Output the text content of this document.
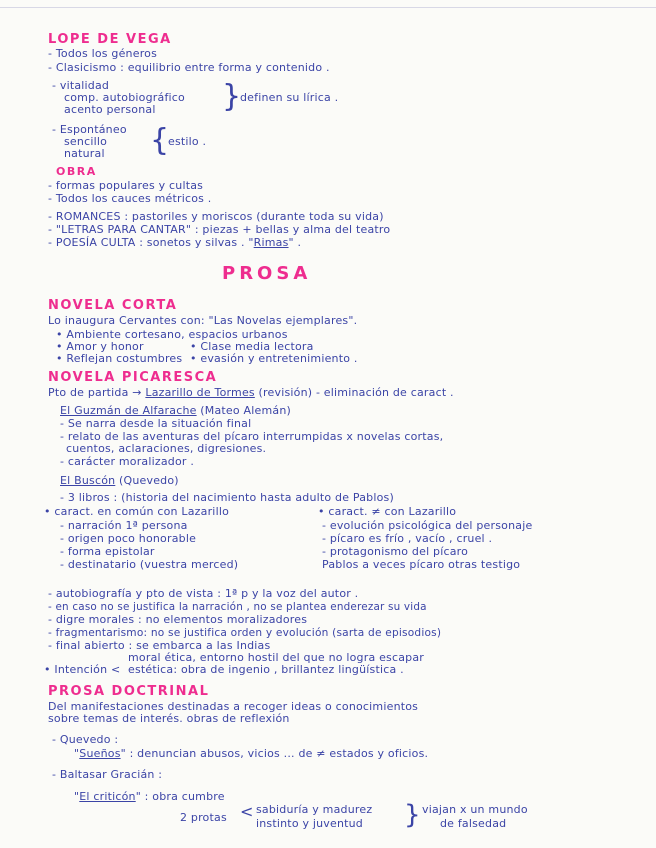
LOPE DE VEGA
- Todos los géneros
- Clasicismo : equilibrio entre forma y contenido .
- vitalidad
comp. autobiográfico
acento personal }
definen su lírica .
- Espontáneo
sencillo
natural {
estilo .
OBRA
- formas populares y cultas
- Todos los cauces métricos .
- ROMANCES : pastoriles y moriscos (durante toda su vida)
- "LETRAS PARA CANTAR" : piezas + bellas y alma del teatro
- POESÍA CULTA : sonetos y silvas . "Rimas" .
PROSA
NOVELA CORTA
Lo inaugura Cervantes con: "Las Novelas ejemplares".
• Ambiente cortesano, espacios urbanos
• Amor y honor	• Clase media lectora
• Reflejan costumbres • evasión y entretenimiento .
NOVELA PICARESCA
Pto de partida → Lazarillo de Tormes (revisión) - eliminación de caract .
El Guzmán de Alfarache (Mateo Alemán)
- Se narra desde la situación final
- relato de las aventuras del pícaro interrumpidas x novelas cortas,
cuentos, aclaraciones, digresiones.
- carácter moralizador .
El Buscón (Quevedo)
- 3 libros : (historia del nacimiento hasta adulto de Pablos)
• caract. en común con Lazarillo	• caract. ≠ con Lazarillo
- narración 1ª persona	- evolución psicológica del personaje
- origen poco honorable	- pícaro es frío , vacío , cruel .
- forma epistolar	- protagonismo del pícaro
- destinatario (vuestra merced)	Pablos a veces pícaro otras testigo
- autobiografía y pto de vista : 1ª p y la voz del autor .
- en caso no se justifica la narración , no se plantea enderezar su vida
- digre morales : no elementos moralizadores
- fragmentarismo: no se justifica orden y evolución (sarta de episodios)
- final abierto : se embarca a las Indias
moral ética, entorno hostil del que no logra escapar
• Intención < estética: obra de ingenio , brillantez lingüística .
PROSA DOCTRINAL
Del manifestaciones destinadas a recoger ideas o conocimientos
sobre temas de interés. obras de reflexión
- Quevedo :
"Sueños" : denuncian abusos, vicios ... de ≠ estados y oficios.
- Baltasar Gracián :
"El criticón" : obra cumbre
2 protas < sabiduría y madurez
instinto y juventud } viajan x un mundo
de falsedad
